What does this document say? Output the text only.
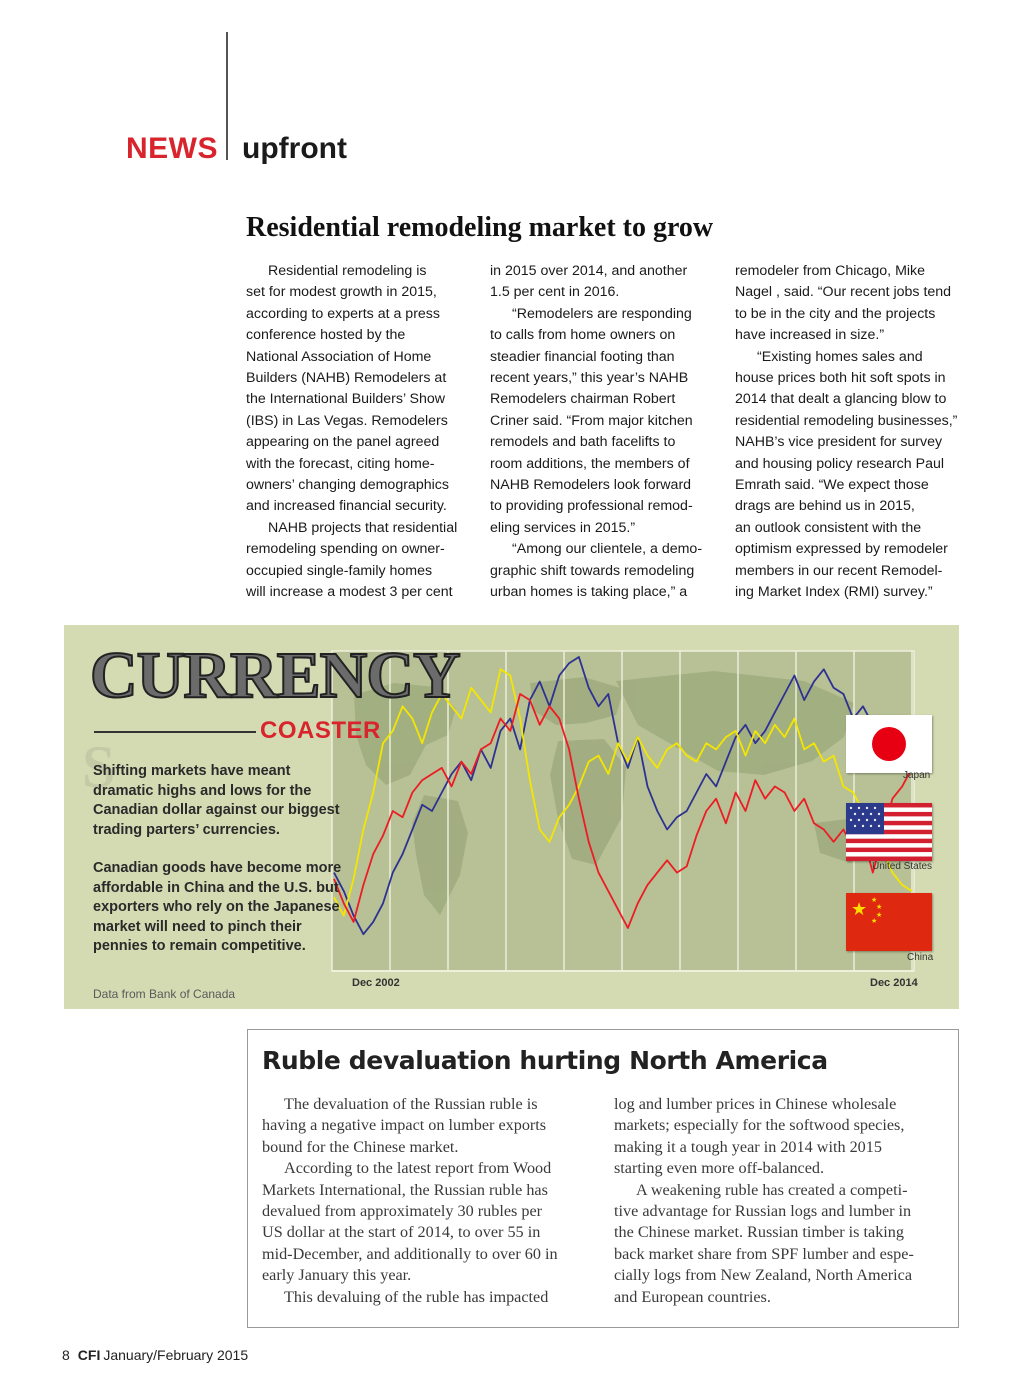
NEWS upfront
Residential remodeling market to grow

Residential remodeling is
set for modest growth in 2015,
according to experts at a press
conference hosted by the
National Association of Home
Builders (NAHB) Remodelers at
the International Builders’ Show
(IBS) in Las Vegas. Remodelers
appearing on the panel agreed
with the forecast, citing home-
owners’ changing demographics
and increased financial security.

NAHB projects that residential
remodeling spending on owner-
occupied single-family homes
will increase a modest 3 per cent

in 2015 over 2014, and another
1.5 per cent in 2016.

“Remodelers are responding
to calls from home owners on
steadier financial footing than
recent years,” this year’s NAHB
Remodelers chairman Robert
Criner said. “From major kitchen
remodels and bath facelifts to
room additions, the members of
NAHB Remodelers look forward
to providing professional remod-
eling services in 2015.”

“Among our clientele, a demo-
graphic shift towards remodeling
urban homes is taking place,” a

remodeler from Chicago, Mike
Nagel , said. “Our recent jobs tend
to be in the city and the projects
have increased in size.”

“Existing homes sales and
house prices both hit soft spots in
2014 that dealt a glancing blow to
residential remodeling businesses,”
NAHB’s vice president for survey
and housing policy research Paul
Emrath said. “We expect those
drags are behind us in 2015,
an outlook consistent with the
optimism expressed by remodeler
members in our recent Remodel-
ing Market Index (RMI) survey.”

CURRENCY
COASTER
S

Shifting markets have meant dramatic highs and lows for the Canadian dollar against our biggest trading parters’ currencies.

Canadian goods have become more affordable in China and the U.S. but exporters who rely on the Japanese market will need to pinch their pennies to remain competitive.

Data from Bank of Canada
Dec 2002	Dec 2014
★ ★
★
★
★
Japan
United States
China
Ruble devaluation hurting North America

The devaluation of the Russian ruble is
having a negative impact on lumber exports
bound for the Chinese market.

According to the latest report from Wood
Markets International, the Russian ruble has
devalued from approximately 30 rubles per
US dollar at the start of 2014, to over 55 in
mid-December, and additionally to over 60 in
early January this year.

This devaluing of the ruble has impacted

log and lumber prices in Chinese wholesale
markets; especially for the softwood species,
making it a tough year in 2014 with 2015
starting even more off-balanced.

A weakening ruble has created a competi-
tive advantage for Russian logs and lumber in
the Chinese market. Russian timber is taking
back market share from SPF lumber and espe-
cially logs from New Zealand, North America
and European countries.

8 CFI January/February 2015
